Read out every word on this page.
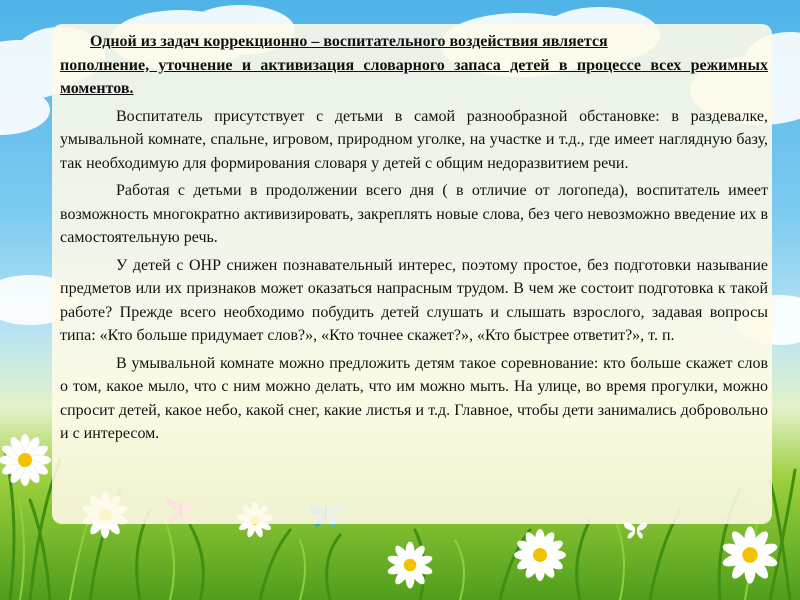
Одной из задач коррекционно – воспитательного воздействия является
пополнение, уточнение и активизация словарного запаса детей в процессе всех режимных моментов.

Воспитатель присутствует с детьми в самой разнообразной обстановке: в раздевалке, умывальной комнате, спальне, игровом, природном уголке, на участке и т.д., где имеет наглядную базу, так необходимую для формирования словаря у детей с общим недоразвитием речи.

Работая с детьми в продолжении всего дня ( в отличие от логопеда), воспитатель имеет возможность многократно активизировать, закреплять новые слова, без чего невозможно введение их в самостоятельную речь.

У детей с ОНР снижен познавательный интерес, поэтому простое, без подготовки называние предметов или их признаков может оказаться напрасным трудом. В чем же состоит подготовка к такой работе? Прежде всего необходимо побудить детей слушать и слышать взрослого, задавая вопросы типа: «Кто больше придумает слов?», «Кто точнее скажет?», «Кто быстрее ответит?», т. п.

В умывальной комнате можно предложить детям такое соревнование: кто больше скажет слов о том, какое мыло, что с ним можно делать, что им можно мыть. На улице, во время прогулки, можно спросит детей, какое небо, какой снег, какие листья и т.д. Главное, чтобы дети занимались добровольно и с интересом.
